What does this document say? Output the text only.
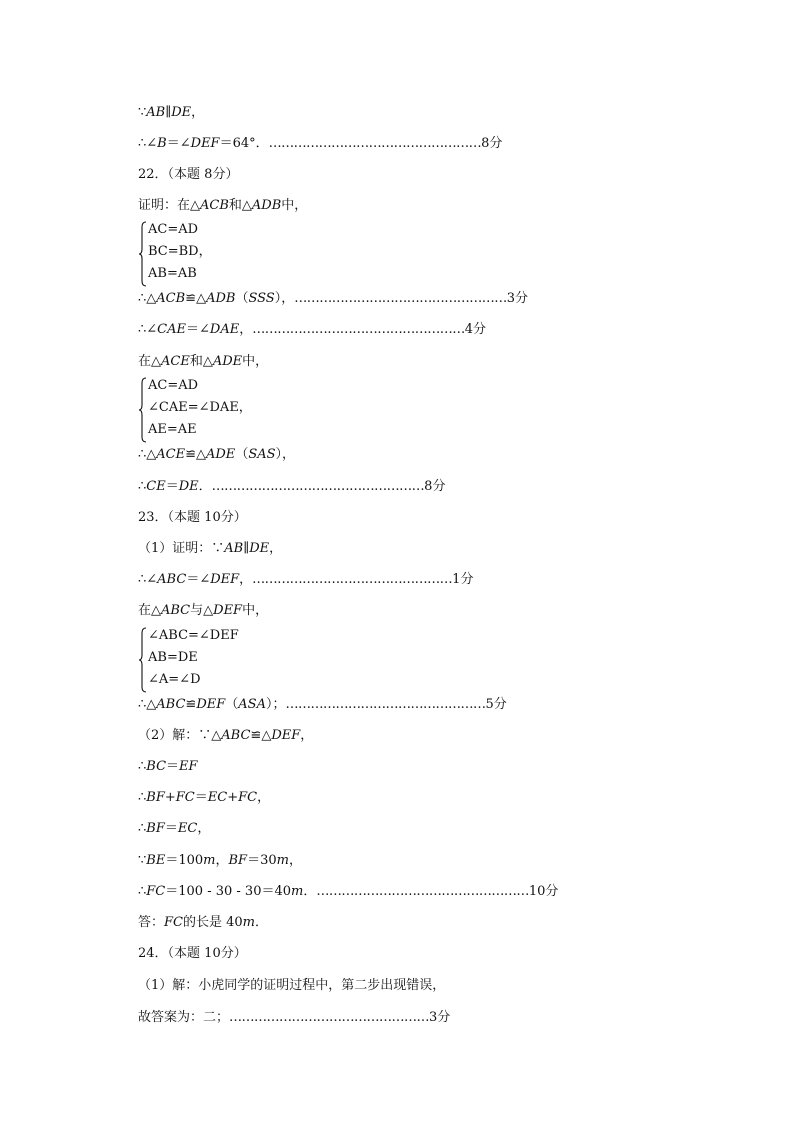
∵AB∥DE，
∴∠B＝∠DEF＝64°．……………………………………………8分
22．（本题 8分）
证明：在△ACB和△ADB中，
∴△ACB≌△ADB（SSS），……………………………………………3分
∴∠CAE＝∠DAE，……………………………………………4分
在△ACE和△ADE中，
∴△ACE≌△ADE（SAS），
∴CE＝DE．……………………………………………8分
23．（本题 10分）
（1）证明：∵AB∥DE，
∴∠ABC＝∠DEF，…………………………………………1分
在△ABC与△DEF中，
∴△ABC≌DEF（ASA）；…………………………………………5分
（2）解：∵△ABC≌△DEF，
∴BC＝EF
∴BF+FC＝EC+FC，
∴BF＝EC，
∵BE＝100m，BF＝30m，
∴FC＝100 - 30 - 30＝40m．……………………………………………10分
答：FC的长是 40m．
24．（本题 10分）
（1）解：小虎同学的证明过程中，第二步出现错误，
故答案为：二；…………………………………………3分
AC=AD
BC=BD，
AB=AB
AC=AD
∠CAE=∠DAE，
AE=AE
∠ABC=∠DEF
AB=DE
∠A=∠D
